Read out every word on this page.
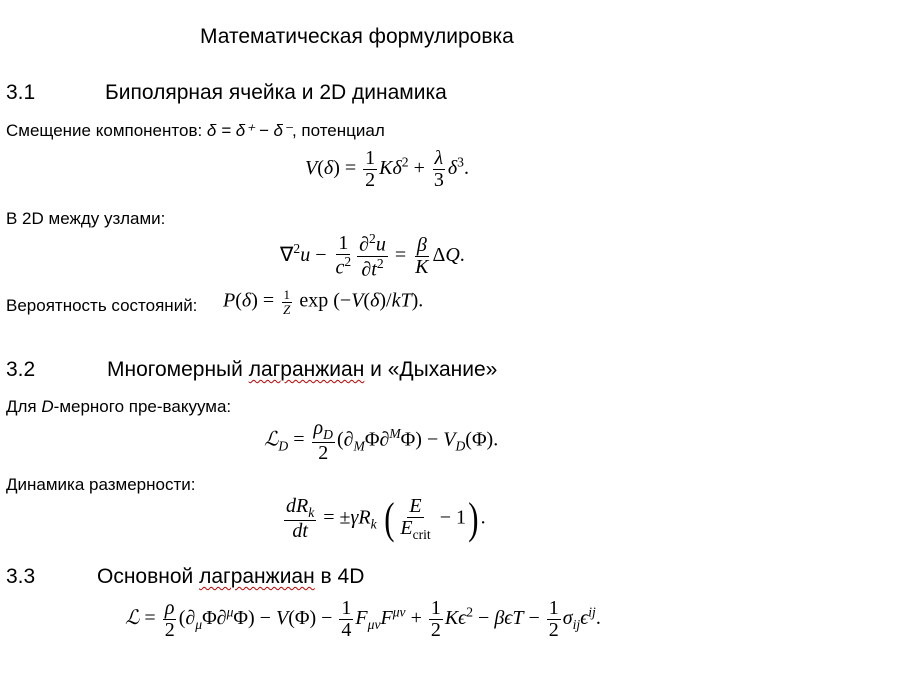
Математическая формулировка
3.1	Биполярная ячейка и 2D динамика
Смещение компонентов: δ = δ⁺ − δ⁻, потенциал
$V(\delta) = \frac{1}{2} K\delta^2 + \frac{\lambda}{3} \delta^3$.
В 2D между узлами:
$\nabla^2u - \frac{1}{c^2} \frac{\partial^2u}{\partial t^2} = \frac{\beta}{K} \Delta Q$.
Вероятность состояний: $P(\delta) = \frac{1}{Z}$ exp (−V(δ)/kT).
3.2	Многомерный лагранжиан и «Дыхание»
Для D-мерного пре-вакуума:
ℒ$_D$ = $\frac{\rho_D}{2} (\partial_M\Phi\partial^M\Phi) - V_D(\Phi)$.
Динамика размерности:
$\frac{dR_k}{dt} = \pm\gamma R_k$ ( $\frac{E}{E_{crit}} - 1$) .
3.3	Основной лагранжиан в 4D
ℒ = $\frac{\rho}{2} (\partial_\mu\Phi\partial^\mu\Phi) - V(\Phi) - \frac{1}{4} F_{\mu\nu}F^{\mu\nu} + \frac{1}{2} K\epsilon^2 - \beta\epsilon T - \frac{1}{2} \sigma_{ij}\epsilon^{ij}$.
